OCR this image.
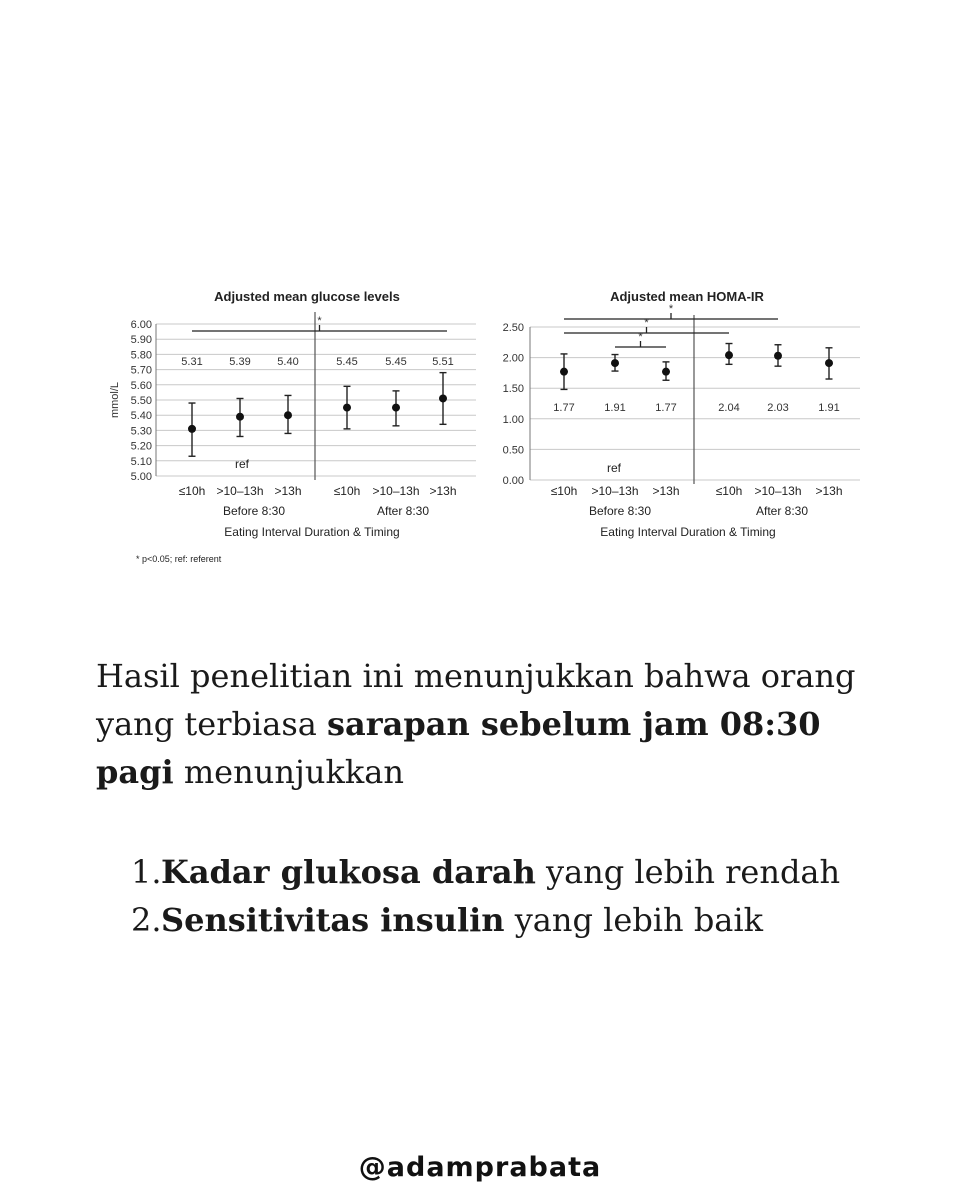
Adjusted mean glucose levels
6.00
5.90
5.80
5.70
5.60
5.50
5.40
5.30
5.20
5.10
5.00
mmol/L
5.31
≤10h
5.39
>10–13h
5.40
>13h
5.45
≤10h
5.45
>10–13h
5.51
>13h
ref
Before 8:30	After 8:30
Eating Interval Duration & Timing
*
* p<0.05; ref: referent
Adjusted mean HOMA-IR
2.50
2.00
1.50
1.00
0.50
0.00
1.77
≤10h
1.91
>10–13h
1.77
>13h
2.04
≤10h
2.03
>10–13h
1.91
>13h
ref
Before 8:30	After 8:30
Eating Interval Duration & Timing
*
*
*

Hasil penelitian ini menunjukkan bahwa orang yang terbiasa sarapan sebelum jam 08:30 pagi menunjukkan

1. Kadar glukosa darah yang lebih rendah
2. Sensitivitas insulin yang lebih baik
@adamprabata
